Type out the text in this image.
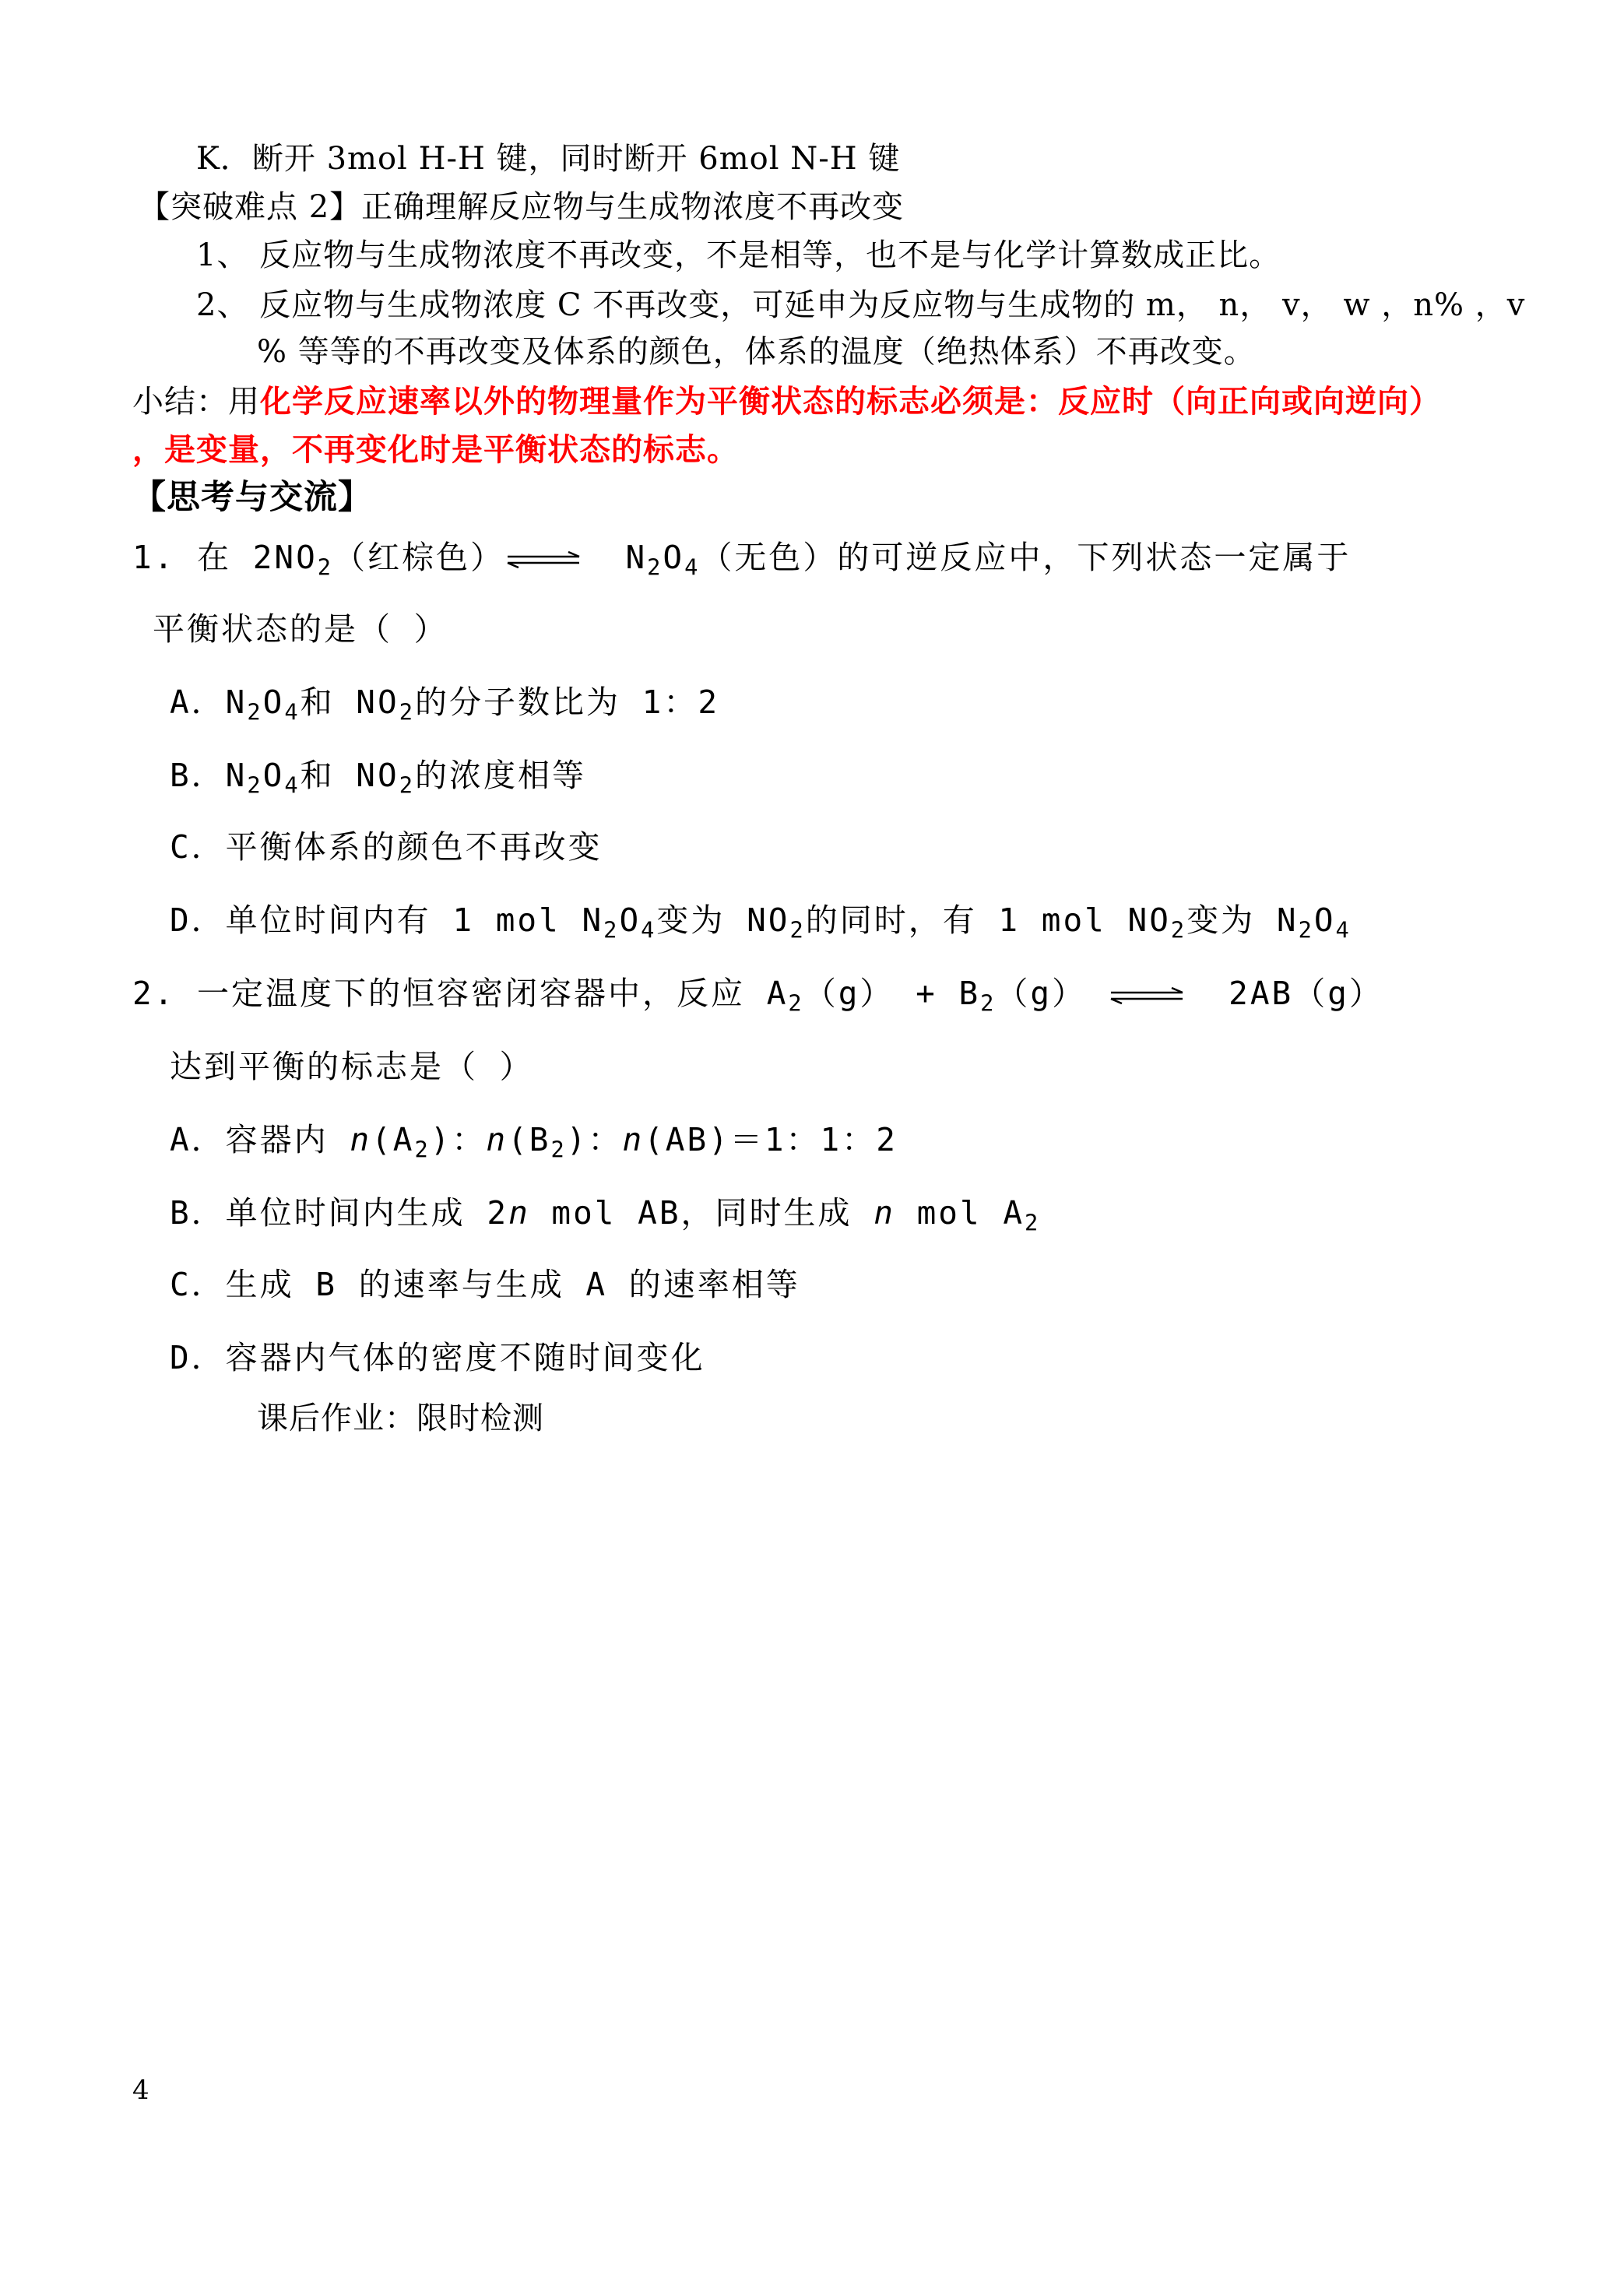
K．断开 3mol H-H 键，同时断开 6mol N-H 键
【突破难点 2】正确理解反应物与生成物浓度不再改变
1、 反应物与生成物浓度不再改变，不是相等，也不是与化学计算数成正比。
2、 反应物与生成物浓度 C 不再改变，可延申为反应物与生成物的 m， n， v， w ，n% ，v
% 等等的不再改变及体系的颜色，体系的温度（绝热体系）不再改变。
小结：用化学反应速率以外的物理量作为平衡状态的标志必须是：反应时（向正向或向逆向）
，是变量，不再变化时是平衡状态的标志。
【思考与交流】
1. 在 $2NO_2$（红棕色）⇌ $N_2O_4$（无色）的可逆反应中，下列状态一定属于
平衡状态的是（ ）
A．$N_2O_4$和 $NO_2$的分子数比为 1：2
B．$N_2O_4$和 $NO_2$的浓度相等
C．平衡体系的颜色不再改变
D．单位时间内有 1 mol $N_2O_4$变为 $NO_2$的同时，有 1 mol $NO_2$变为 $N_2O_4$
2. 一定温度下的恒容密闭容器中，反应 $A_2(g) + B_2(g)$ ⇌ 2AB（g）
达到平衡的标志是（ ）
A．容器内 $n(A_2)$：$n(B_2)$：n(AB)＝1：1：2
B．单位时间内生成 2n mol AB，同时生成 n mol $A_2$
C．生成 B 的速率与生成 A 的速率相等
D．容器内气体的密度不随时间变化
课后作业：限时检测
4
